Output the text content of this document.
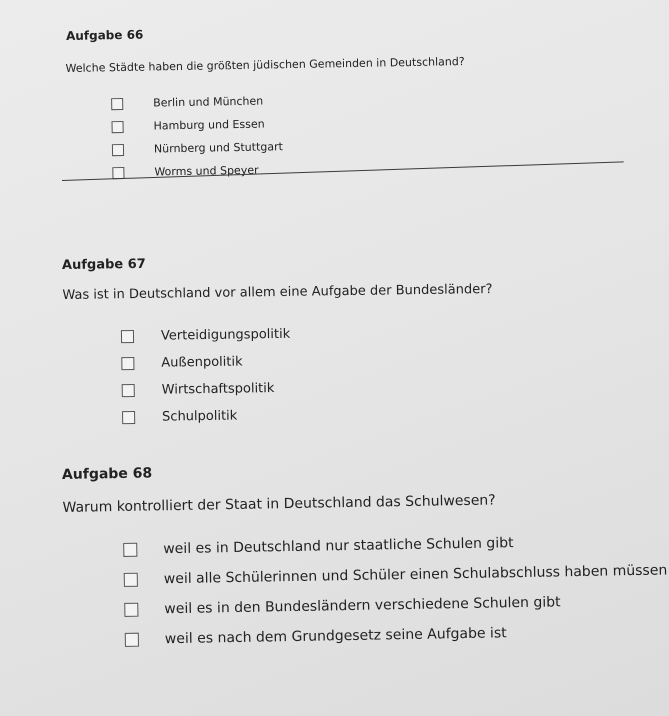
Aufgabe 66
Welche Städte haben die größten jüdischen Gemeinden in Deutschland?
Berlin und München
Hamburg und Essen
Nürnberg und Stuttgart
Worms und Speyer
Aufgabe 67
Was ist in Deutschland vor allem eine Aufgabe der Bundesländer?
Verteidigungspolitik
Außenpolitik
Wirtschaftspolitik
Schulpolitik
Aufgabe 68
Warum kontrolliert der Staat in Deutschland das Schulwesen?
weil es in Deutschland nur staatliche Schulen gibt
weil alle Schülerinnen und Schüler einen Schulabschluss haben müssen
weil es in den Bundesländern verschiedene Schulen gibt
weil es nach dem Grundgesetz seine Aufgabe ist
